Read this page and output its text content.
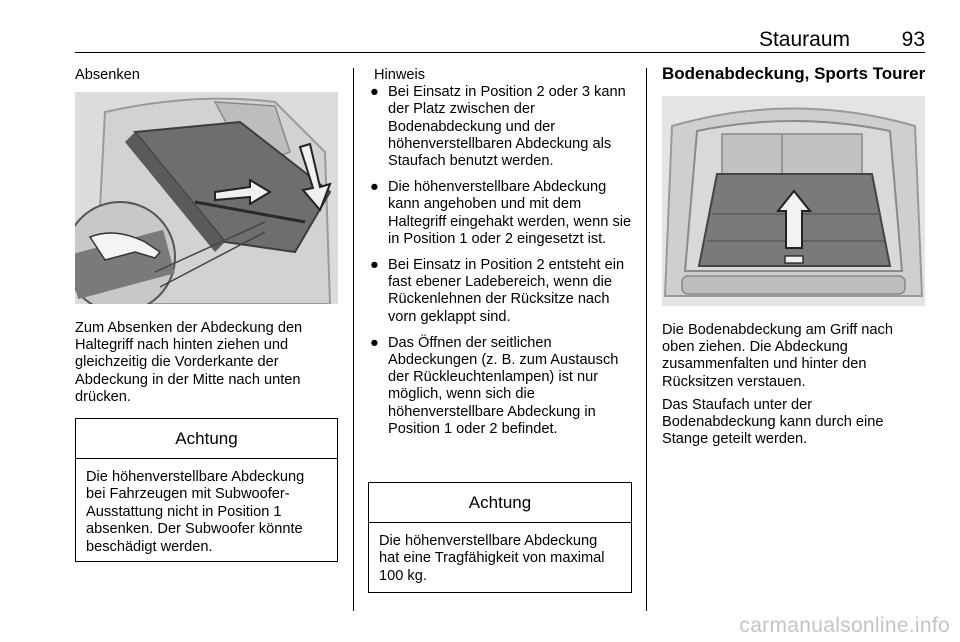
Stauraum 93
Absenken

Zum Absenken der Abdeckung den Haltegriff nach hinten ziehen und gleichzeitig die Vorderkante der Abdeckung in der Mitte nach unten drücken.

Achtung
Die höhenverstellbare Abdeckung bei Fahrzeugen mit Subwoofer-Ausstattung nicht in Position 1 absenken. Der Subwoofer könnte beschädigt werden.
Hinweis
● Bei Einsatz in Position 2 oder 3 kann der Platz zwischen der Bodenabdeckung und der höhenverstellbaren Abdeckung als Staufach benutzt werden.
● Die höhenverstellbare Abdeckung kann angehoben und mit dem Haltegriff eingehakt werden, wenn sie in Position 1 oder 2 eingesetzt ist.
● Bei Einsatz in Position 2 entsteht ein fast ebener Ladebereich, wenn die Rückenlehnen der Rücksitze nach vorn geklappt sind.
● Das Öffnen der seitlichen Abdeckungen (z. B. zum Austausch der Rückleuchtenlampen) ist nur möglich, wenn sich die höhenverstellbare Abdeckung in Position 1 oder 2 befindet.
Achtung
Die höhenverstellbare Abdeckung hat eine Tragfähigkeit von maximal 100 kg.
Bodenabdeckung, Sports Tourer

Die Bodenabdeckung am Griff nach oben ziehen. Die Abdeckung zusammenfalten und hinter den Rücksitzen verstauen.

Das Staufach unter der Bodenabdeckung kann durch eine Stange geteilt werden.

carmanualsonline.info
